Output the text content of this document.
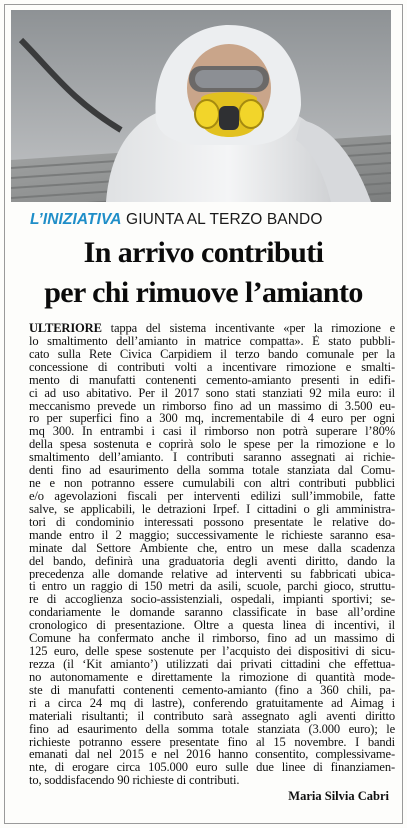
L’INIZIATIVA GIUNTA AL TERZO BANDO
In arrivo contributi
per chi rimuove l’amianto
ULTERIORE tappa del sistema incentivante «per la rimozione e
lo smaltimento dell’amianto in matrice compatta». È stato pubbli-
cato sulla Rete Civica Carpidiem il terzo bando comunale per la
concessione di contributi volti a incentivare rimozione e smalti-
mento di manufatti contenenti cemento-amianto presenti in edifi-
ci ad uso abitativo. Per il 2017 sono stati stanziati 92 mila euro: il
meccanismo prevede un rimborso fino ad un massimo di 3.500 eu-
ro per superfici fino a 300 mq, incrementabile di 4 euro per ogni
mq 300. In entrambi i casi il rimborso non potrà superare l’80%
della spesa sostenuta e coprirà solo le spese per la rimozione e lo
smaltimento dell’amianto. I contributi saranno assegnati ai richie-
denti fino ad esaurimento della somma totale stanziata dal Comu-
ne e non potranno essere cumulabili con altri contributi pubblici
e/o agevolazioni fiscali per interventi edilizi sull’immobile, fatte
salve, se applicabili, le detrazioni Irpef. I cittadini o gli amministra-
tori di condominio interessati possono presentate le relative do-
mande entro il 2 maggio; successivamente le richieste saranno esa-
minate dal Settore Ambiente che, entro un mese dalla scadenza
del bando, definirà una graduatoria degli aventi diritto, dando la
precedenza alle domande relative ad interventi su fabbricati ubica-
ti entro un raggio di 150 metri da asili, scuole, parchi gioco, struttu-
re di accoglienza socio-assistenziali, ospedali, impianti sportivi; se-
condariamente le domande saranno classificate in base all’ordine
cronologico di presentazione. Oltre a questa linea di incentivi, il
Comune ha confermato anche il rimborso, fino ad un massimo di
125 euro, delle spese sostenute per l’acquisto dei dispositivi di sicu-
rezza (il ‘Kit amianto’) utilizzati dai privati cittadini che effettua-
no autonomamente e direttamente la rimozione di quantità mode-
ste di manufatti contenenti cemento-amianto (fino a 360 chili, pa-
ri a circa 24 mq di lastre), conferendo gratuitamente ad Aimag i
materiali risultanti; il contributo sarà assegnato agli aventi diritto
fino ad esaurimento della somma totale stanziata (3.000 euro); le
richieste potranno essere presentate fino al 15 novembre. I bandi
emanati dal nel 2015 e nel 2016 hanno consentito, complessivame-
nte, di erogare circa 105.000 euro sulle due linee di finanziamen-
to, soddisfacendo 90 richieste di contributi.
Maria Silvia Cabri
